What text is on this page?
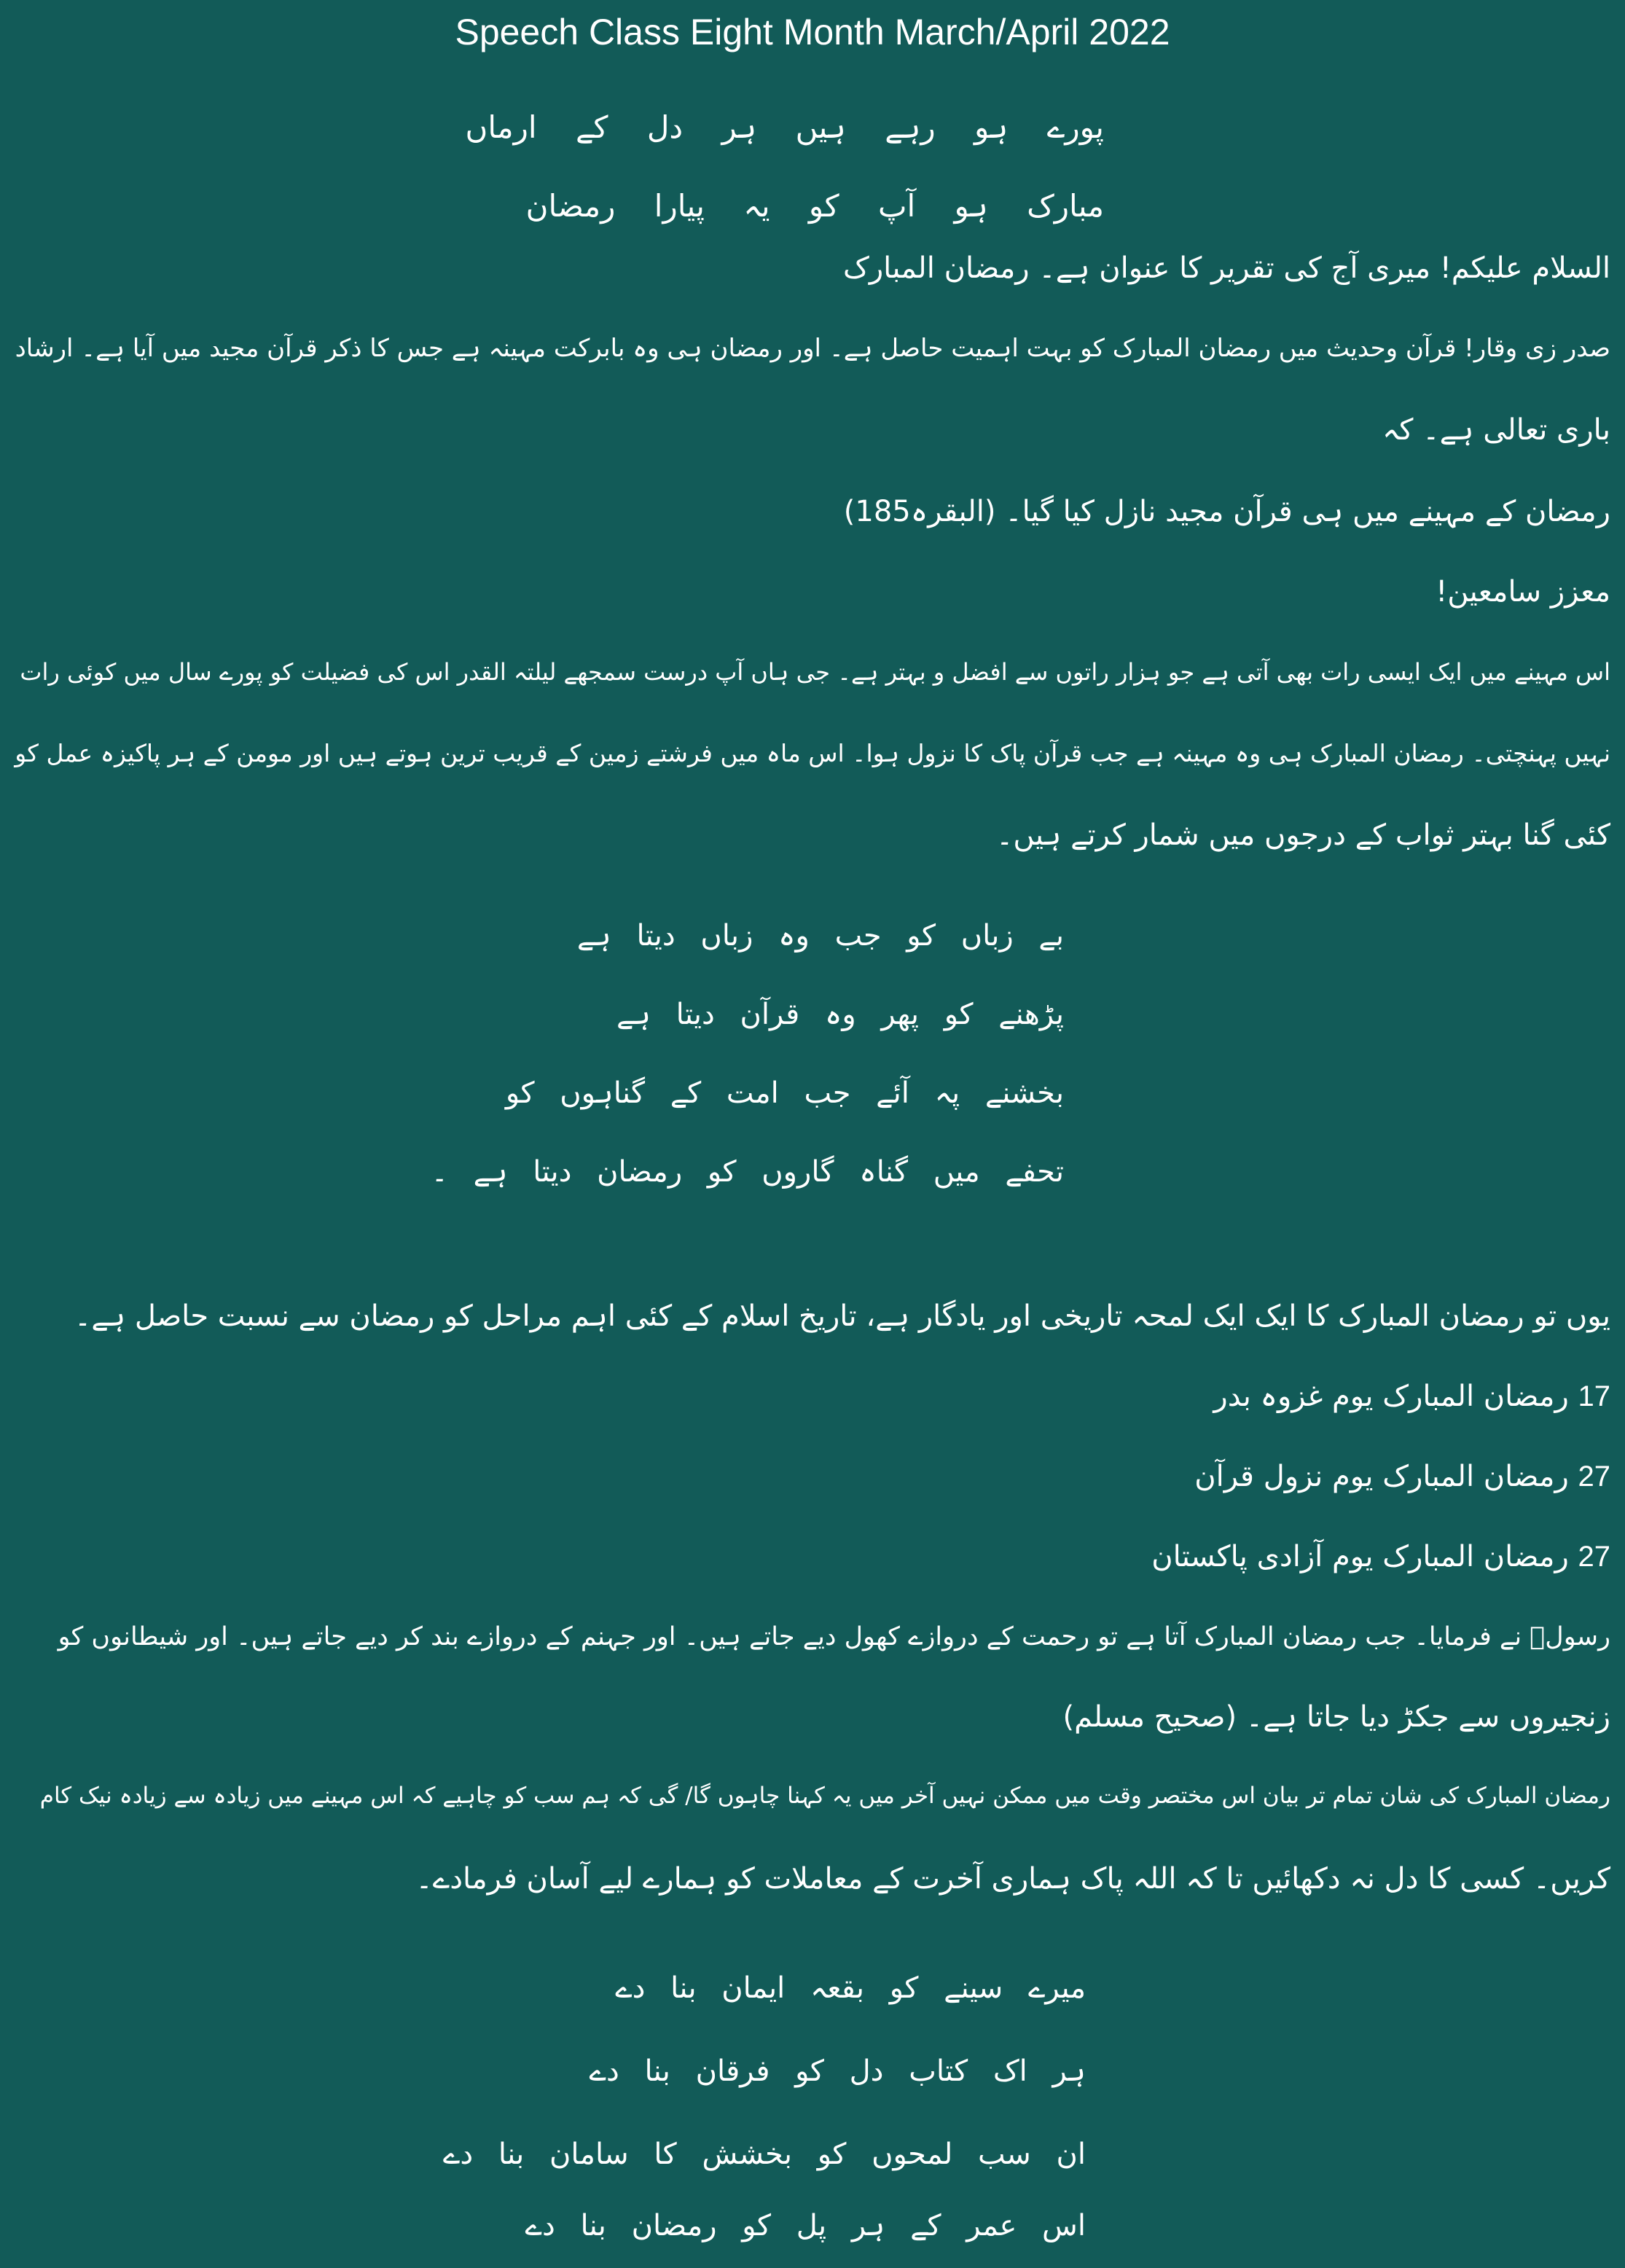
Speech Class Eight Month March/April 2022
پورے ہو رہے ہیں ہر دل کے ارماں
مبارک ہو آپ کو یہ پیارا رمضان
السلام علیکم! میری آج کی تقریر کا عنوان ہے۔ رمضان المبارک
صدر زی وقار! قرآن وحدیث میں رمضان المبارک کو بہت اہمیت حاصل ہے۔ اور رمضان ہی وہ بابرکت مہینہ ہے جس کا ذکر قرآن مجید میں آیا ہے۔ ارشاد
باری تعالی ہے۔ کہ
رمضان کے مہینے میں ہی قرآن مجید نازل کیا گیا۔ (البقرہ185)
معزز سامعین!
اس مہینے میں ایک ایسی رات بھی آتی ہے جو ہزار راتوں سے افضل و بہتر ہے۔ جی ہاں آپ درست سمجھے لیلتہ القدر اس کی فضیلت کو پورے سال میں کوئی رات
نہیں پہنچتی۔ رمضان المبارک ہی وہ مہینہ ہے جب قرآن پاک کا نزول ہوا۔ اس ماہ میں فرشتے زمین کے قریب ترین ہوتے ہیں اور مومن کے ہر پاکیزہ عمل کو
کئی گنا بہتر ثواب کے درجوں میں شمار کرتے ہیں۔
بے زباں کو جب وہ زباں دیتا ہے
پڑھنے کو پھر وہ قرآن دیتا ہے
بخشنے پہ آئے جب امت کے گناہوں کو
تحفے میں گناہ گاروں کو رمضان دیتا ہے ۔
یوں تو رمضان المبارک کا ایک ایک لمحہ تاریخی اور یادگار ہے، تاریخ اسلام کے کئی اہم مراحل کو رمضان سے نسبت حاصل ہے۔
17 رمضان المبارک یوم غزوہ بدر
27 رمضان المبارک یوم نزول قرآن
27 رمضان المبارک یوم آزادی پاکستان
رسولؐ نے فرمایا۔ جب رمضان المبارک آتا ہے تو رحمت کے دروازے کھول دیے جاتے ہیں۔ اور جہنم کے دروازے بند کر دیے جاتے ہیں۔ اور شیطانوں کو
زنجیروں سے جکڑ دیا جاتا ہے۔ (صحیح مسلم)
رمضان المبارک کی شان تمام تر بیان اس مختصر وقت میں ممکن نہیں آخر میں یہ کہنا چاہوں گا/ گی کہ ہم سب کو چاہیے کہ اس مہینے میں زیادہ سے زیادہ نیک کام
کریں۔ کسی کا دل نہ دکھائیں تا کہ اللہ پاک ہماری آخرت کے معاملات کو ہمارے لیے آسان فرمادے۔
میرے سینے کو بقعہ ایمان بنا دے
ہر اک کتاب دل کو فرقان بنا دے
ان سب لمحوں کو بخشش کا سامان بنا دے
اس عمر کے ہر پل کو رمضان بنا دے
